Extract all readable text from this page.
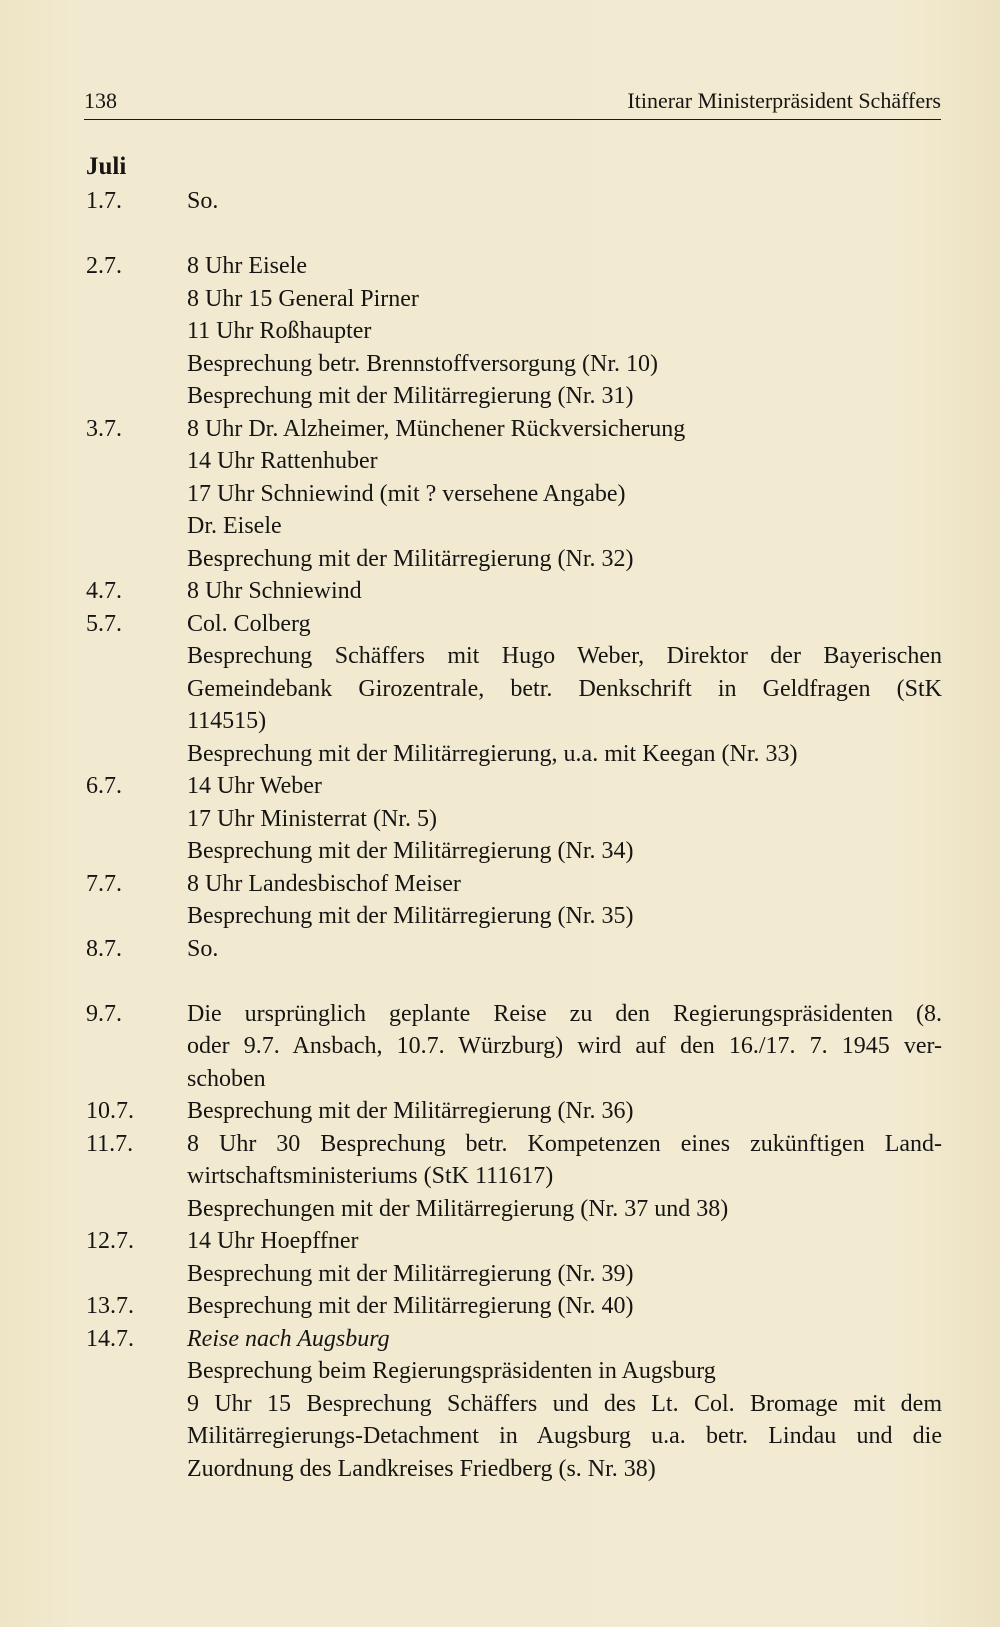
138	Itinerar Ministerpräsident Schäffers
Juli
1.7.	So.
2.7.	8 Uhr Eisele
8 Uhr 15 General Pirner
11 Uhr Roßhaupter
Besprechung betr. Brennstoffversorgung (Nr. 10)
Besprechung mit der Militärregierung (Nr. 31)
3.7.	8 Uhr Dr. Alzheimer, Münchener Rückversicherung
14 Uhr Rattenhuber
17 Uhr Schniewind (mit ? versehene Angabe)
Dr. Eisele
Besprechung mit der Militärregierung (Nr. 32)
4.7.	8 Uhr Schniewind
5.7.	Col. Colberg
Besprechung Schäffers mit Hugo Weber, Direktor der Bayerischen
Gemeindebank Girozentrale, betr. Denkschrift in Geldfragen (StK
114515)
Besprechung mit der Militärregierung, u.a. mit Keegan (Nr. 33)
6.7.	14 Uhr Weber
17 Uhr Ministerrat (Nr. 5)
Besprechung mit der Militärregierung (Nr. 34)
7.7.	8 Uhr Landesbischof Meiser
Besprechung mit der Militärregierung (Nr. 35)
8.7.	So.
9.7.	Die ursprünglich geplante Reise zu den Regierungspräsidenten (8.
oder 9.7. Ansbach, 10.7. Würzburg) wird auf den 16./17. 7. 1945 ver-
schoben
10.7.	Besprechung mit der Militärregierung (Nr. 36)
11.7.	8 Uhr 30 Besprechung betr. Kompetenzen eines zukünftigen Land-
wirtschaftsministeriums (StK 111617)
Besprechungen mit der Militärregierung (Nr. 37 und 38)
12.7.	14 Uhr Hoepffner
Besprechung mit der Militärregierung (Nr. 39)
13.7.	Besprechung mit der Militärregierung (Nr. 40)
14.7.	Reise nach Augsburg
Besprechung beim Regierungspräsidenten in Augsburg
9 Uhr 15 Besprechung Schäffers und des Lt. Col. Bromage mit dem
Militärregierungs-Detachment in Augsburg u.a. betr. Lindau und die
Zuordnung des Landkreises Friedberg (s. Nr. 38)
